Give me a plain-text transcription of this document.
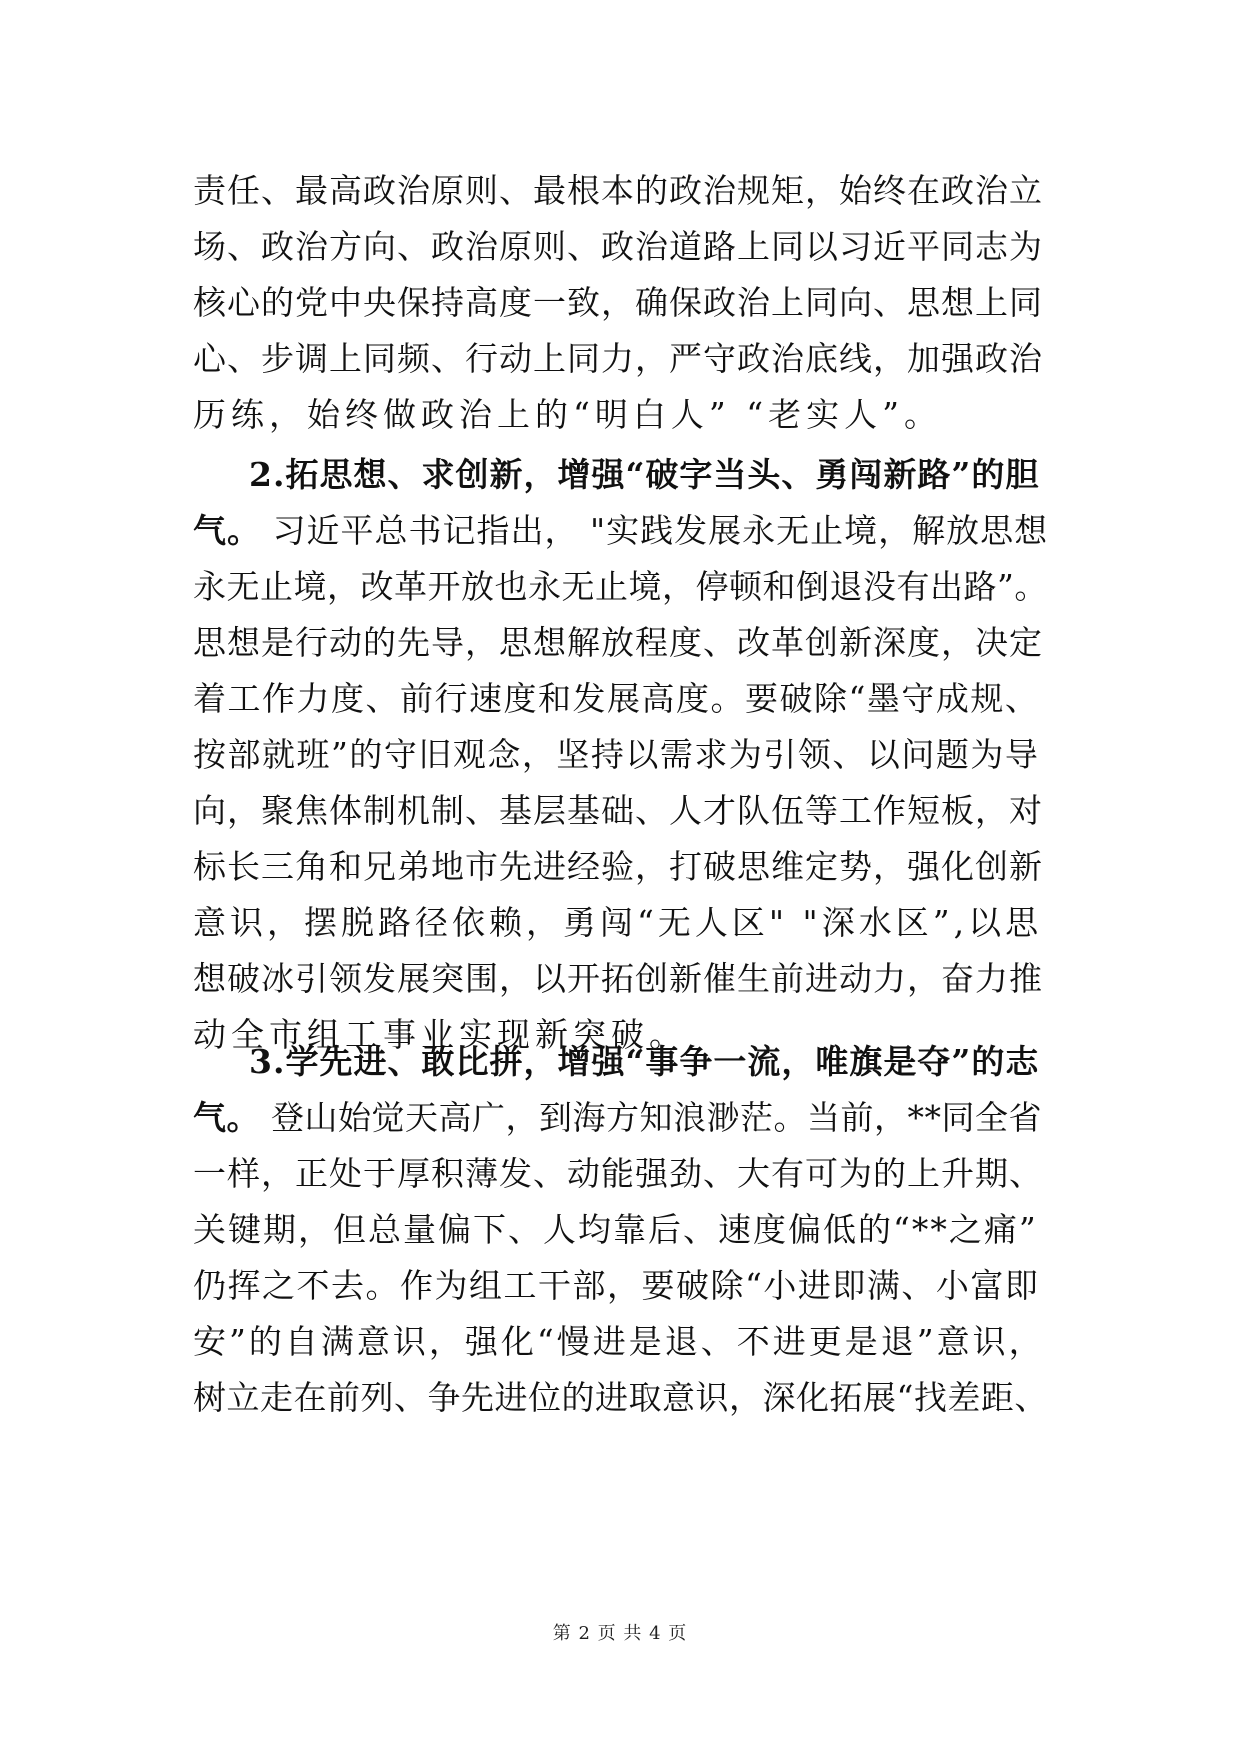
责任、最高政治原则、最根本的政治规矩，始终在政治立
场、政治方向、政治原则、政治道路上同以习近平同志为
核心的党中央保持高度一致，确保政治上同向、思想上同
心、步调上同频、行动上同力，严守政治底线，加强政治
历练，始终做政治上的“明白人” “老实人”。
2.拓思想、求创新，增强“破字当头、勇闯新路”的胆
气。 习近平总书记指出， "实践发展永无止境，解放思想
永无止境，改革开放也永无止境，停顿和倒退没有出路”。
思想是行动的先导，思想解放程度、改革创新深度，决定
着工作力度、前行速度和发展高度。要破除“墨守成规、
按部就班”的守旧观念，坚持以需求为引领、以问题为导
向，聚焦体制机制、基层基础、人才队伍等工作短板，对
标长三角和兄弟地市先进经验，打破思维定势，强化创新
意识，摆脱路径依赖，勇闯“无人区" "深水区”,以思
想破冰引领发展突围，以开拓创新催生前进动力，奋力推
动全市组工事业实现新突破。
3.学先进、敢比拼，增强“事争一流，唯旗是夺”的志
气。 登山始觉天高广，到海方知浪渺茫。当前，**同全省
一样，正处于厚积薄发、动能强劲、大有可为的上升期、
关键期，但总量偏下、人均靠后、速度偏低的“**之痛”
仍挥之不去。作为组工干部，要破除“小进即满、小富即
安”的自满意识，强化“慢进是退、不进更是退”意识，
树立走在前列、争先进位的进取意识，深化拓展“找差距、
第 2 页 共 4 页
